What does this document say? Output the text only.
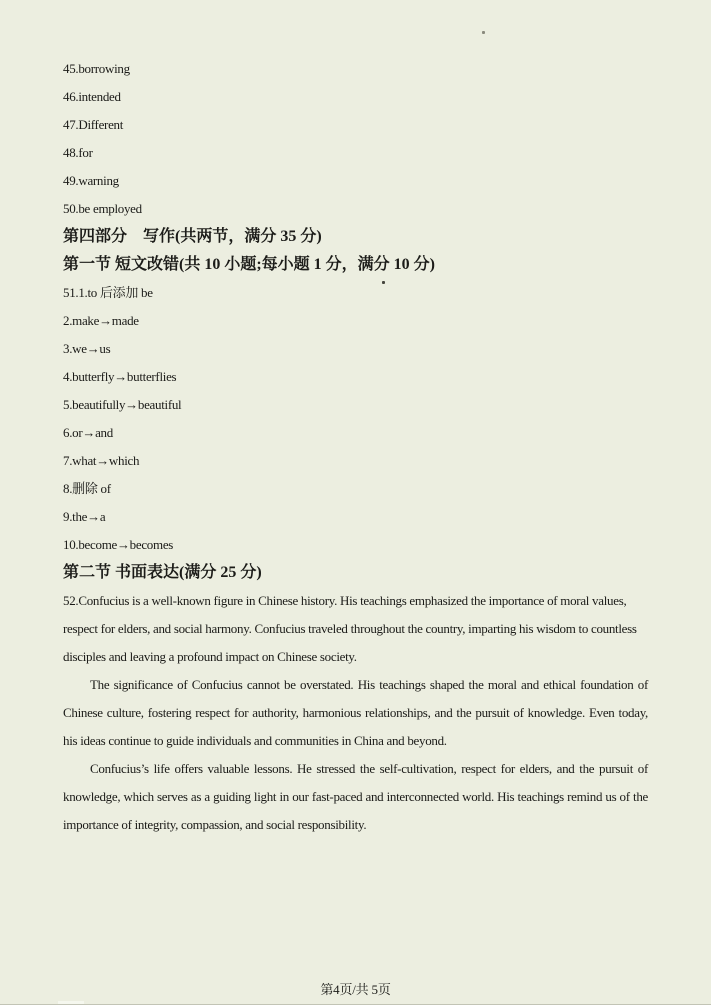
45.borrowing

46.intended

47.Different

48.for

49.warning

50.be employed

第四部分　写作(共两节，满分 35 分)

第一节 短文改错(共 10 小题;每小题 1 分，满分 10 分)

51.1.to 后添加 be

2.make→made

3.we→us

4.butterfly→butterflies

5.beautifully→beautiful

6.or→and

7.what→which

8.删除 of

9.the→a

10.become→becomes

第二节 书面表达(满分 25 分)

52.Confucius is a well-known figure in Chinese history. His teachings emphasized the importance of moral values, respect for elders, and social harmony. Confucius traveled throughout the country, imparting his wisdom to countless disciples and leaving a profound impact on Chinese society.

The significance of Confucius cannot be overstated. His teachings shaped the moral and ethical foundation of Chinese culture, fostering respect for authority, harmonious relationships, and the pursuit of knowledge. Even today, his ideas continue to guide individuals and communities in China and beyond.

Confucius’s life offers valuable lessons. He stressed the self-cultivation, respect for elders, and the pursuit of knowledge, which serves as a guiding light in our fast-paced and interconnected world. His teachings remind us of the importance of integrity, compassion, and social responsibility.

第4页/共 5页
